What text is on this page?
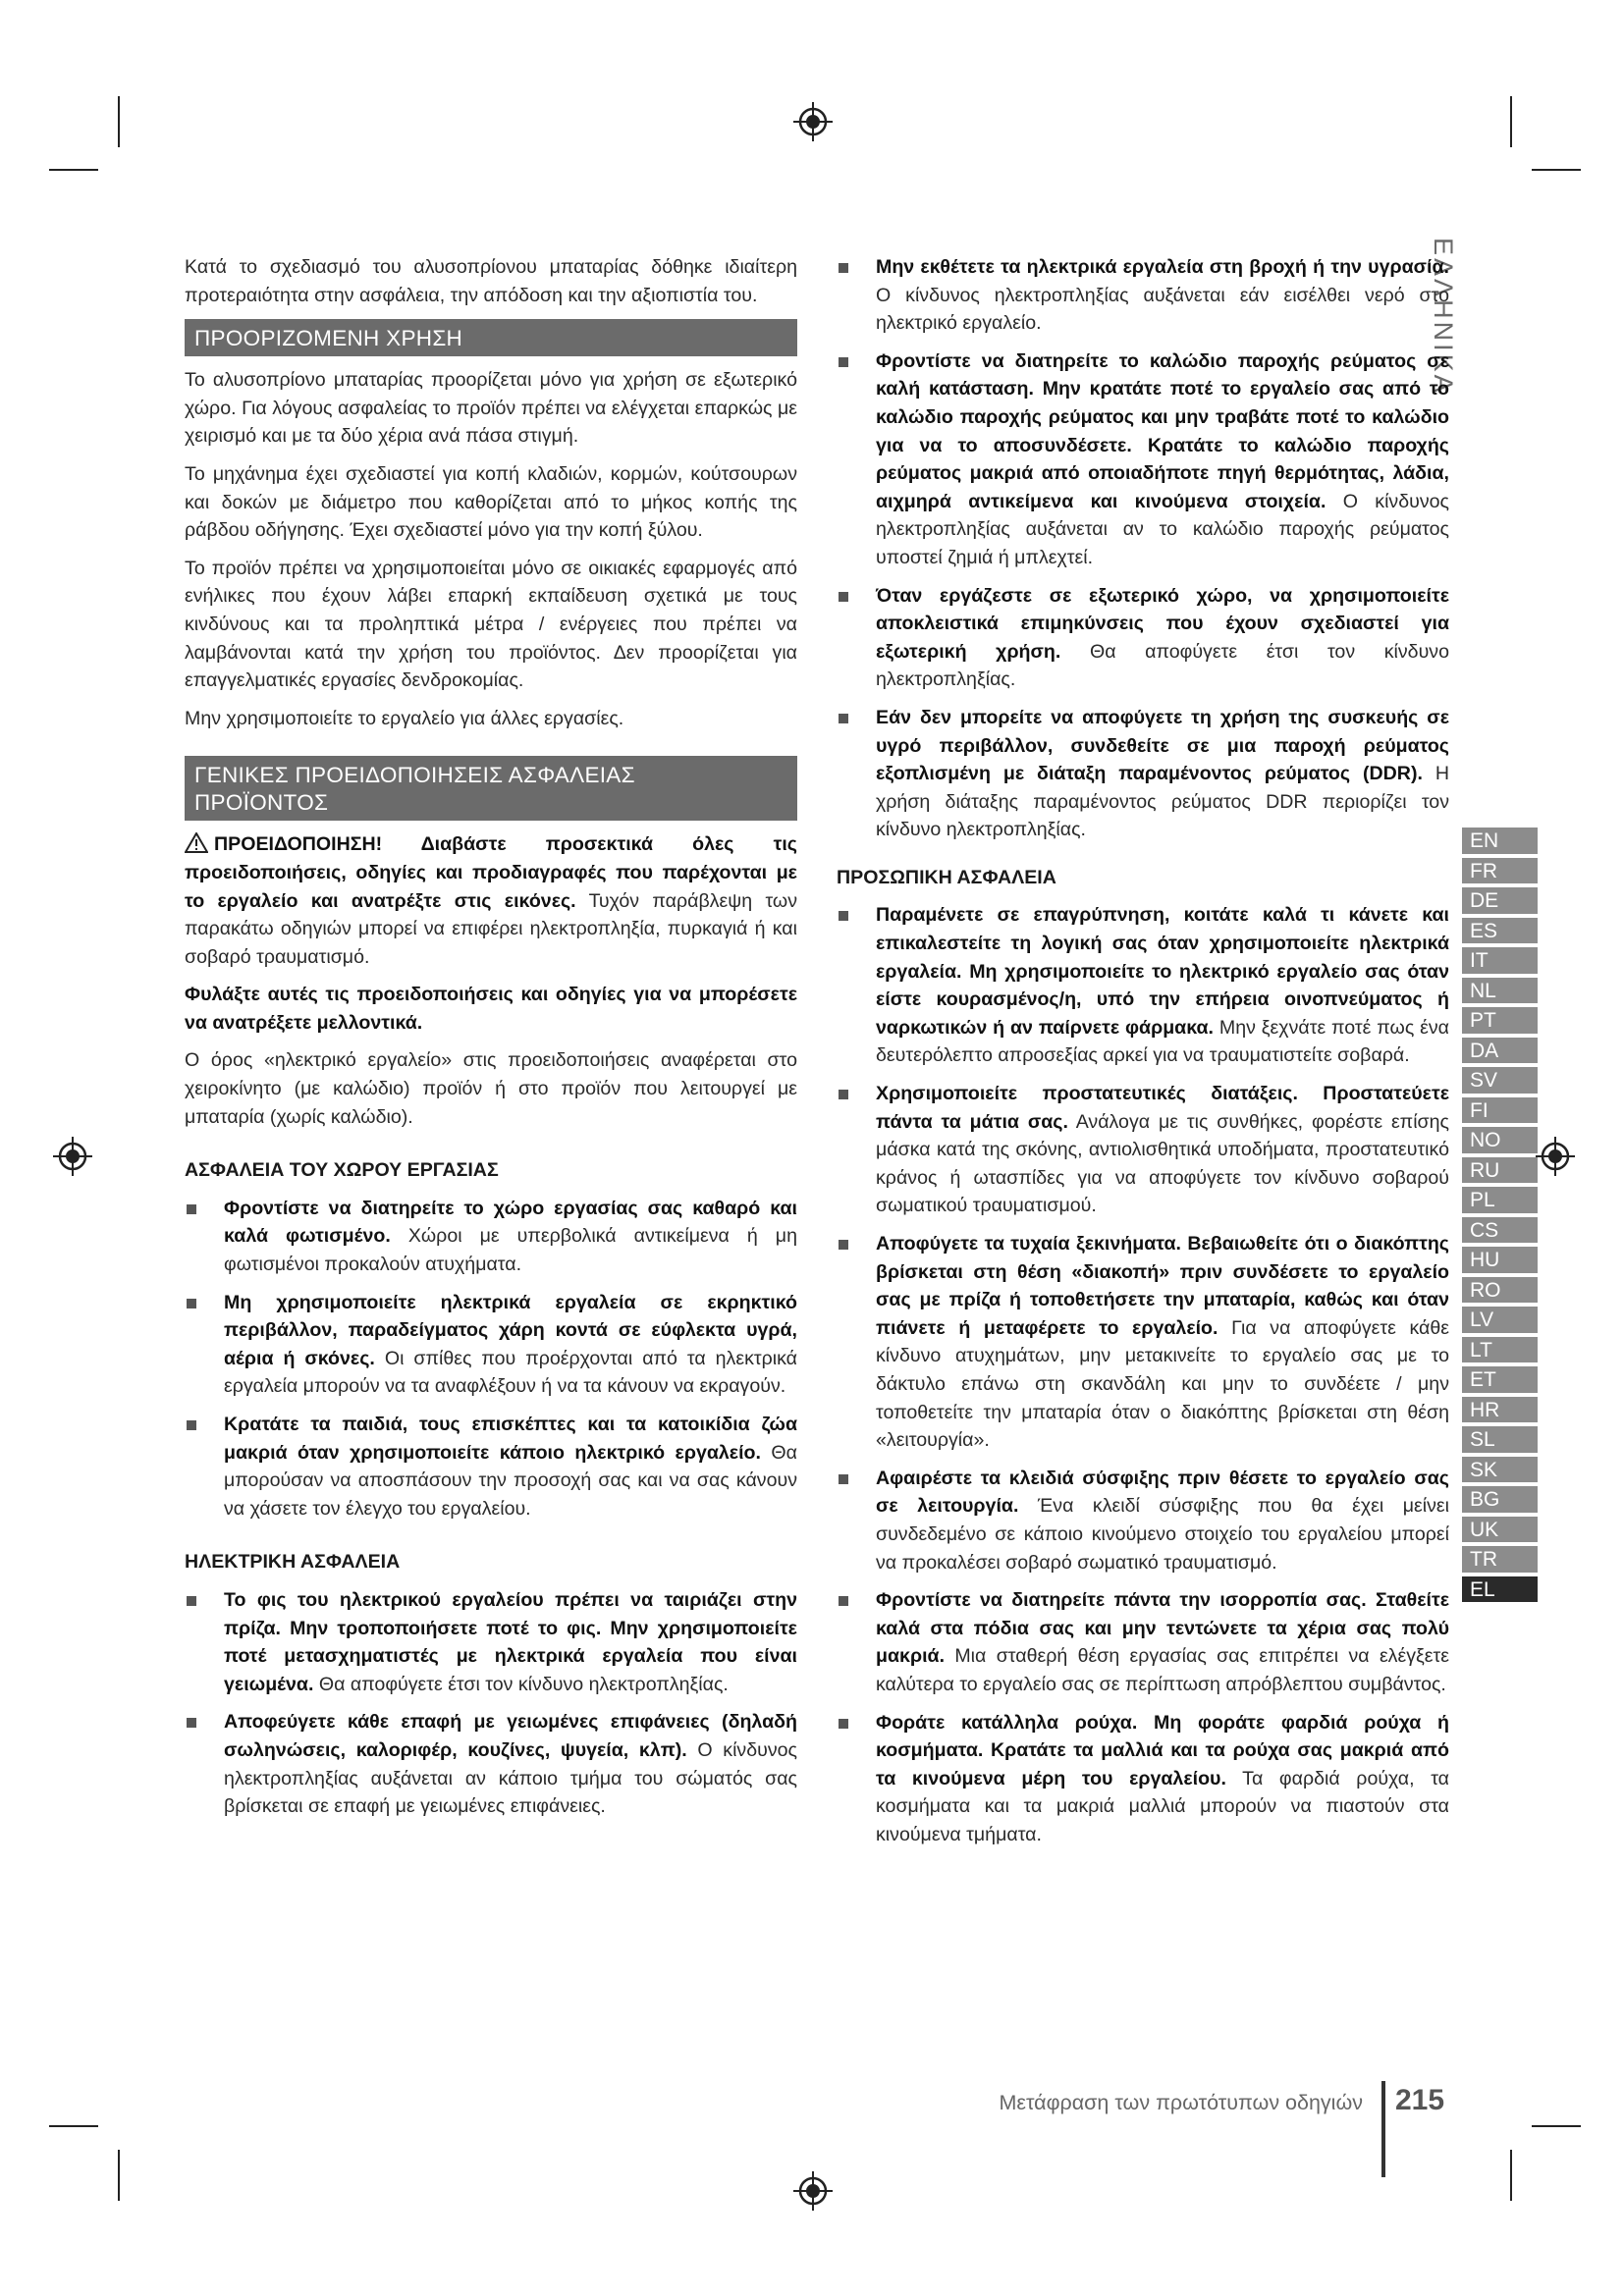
ΕΛΛΗΝΙΚΑ
EN
FR
DE
ES
IT
NL
PT
DA
SV
FI
NO
RU
PL
CS
HU
RO
LV
LT
ET
HR
SL
SK
BG
UK
TR
EL

Κατά το σχεδιασμό του αλυσοπρίονου μπαταρίας δόθηκε ιδιαίτερη προτεραιότητα στην ασφάλεια, την απόδοση και την αξιοπιστία του.

ΠΡΟΟΡΙΖΟΜΕΝΗ ΧΡΗΣΗ

Το αλυσοπρίονο μπαταρίας προορίζεται μόνο για χρήση σε εξωτερικό χώρο. Για λόγους ασφαλείας το προϊόν πρέπει να ελέγχεται επαρκώς με χειρισμό και με τα δύο χέρια ανά πάσα στιγμή.

Το μηχάνημα έχει σχεδιαστεί για κοπή κλαδιών, κορμών, κούτσουρων και δοκών με διάμετρο που καθορίζεται από το μήκος κοπής της ράβδου οδήγησης. Έχει σχεδιαστεί μόνο για την κοπή ξύλου.

Το προϊόν πρέπει να χρησιμοποιείται μόνο σε οικιακές εφαρμογές από ενήλικες που έχουν λάβει επαρκή εκπαίδευση σχετικά με τους κινδύνους και τα προληπτικά μέτρα / ενέργειες που πρέπει να λαμβάνονται κατά την χρήση του προϊόντος. Δεν προορίζεται για επαγγελματικές εργασίες δενδροκομίας.

Μην χρησιμοποιείτε το εργαλείο για άλλες εργασίες.

ΓΕΝΙΚΕΣ ΠΡΟΕΙΔΟΠΟΙΗΣΕΙΣ ΑΣΦΑΛΕΙΑΣ
ΠΡΟΪΟΝΤΟΣ

ΠΡΟΕΙΔΟΠΟΙΗΣΗ! Διαβάστε προσεκτικά όλες τις προειδοποιήσεις, οδηγίες και προδιαγραφές που παρέχονται με το εργαλείο και ανατρέξτε στις εικόνες. Τυχόν παράβλεψη των παρακάτω οδηγιών μπορεί να επιφέρει ηλεκτροπληξία, πυρκαγιά ή και σοβαρό τραυματισμό.

Φυλάξτε αυτές τις προειδοποιήσεις και οδηγίες για να μπορέσετε να ανατρέξετε μελλοντικά.

Ο όρος «ηλεκτρικό εργαλείο» στις προειδοποιήσεις αναφέρεται στο χειροκίνητο (με καλώδιο) προϊόν ή στο προϊόν που λειτουργεί με μπαταρία (χωρίς καλώδιο).

ΑΣΦΑΛΕΙΑ ΤΟΥ ΧΩΡΟΥ ΕΡΓΑΣΙΑΣ
Φροντίστε να διατηρείτε το χώρο εργασίας σας καθαρό και καλά φωτισμένο. Χώροι με υπερβολικά αντικείμενα ή μη φωτισμένοι προκαλούν ατυχήματα.
Μη χρησιμοποιείτε ηλεκτρικά εργαλεία σε εκρηκτικό περιβάλλον, παραδείγματος χάρη κοντά σε εύφλεκτα υγρά, αέρια ή σκόνες. Οι σπίθες που προέρχονται από τα ηλεκτρικά εργαλεία μπορούν να τα αναφλέξουν ή να τα κάνουν να εκραγούν.
Κρατάτε τα παιδιά, τους επισκέπτες και τα κατοικίδια ζώα μακριά όταν χρησιμοποιείτε κάποιο ηλεκτρικό εργαλείο. Θα μπορούσαν να αποσπάσουν την προσοχή σας και να σας κάνουν να χάσετε τον έλεγχο του εργαλείου.
ΗΛΕΚΤΡΙΚΗ ΑΣΦΑΛΕΙΑ
Το φις του ηλεκτρικού εργαλείου πρέπει να ταιριάζει στην πρίζα. Μην τροποποιήσετε ποτέ το φις. Μην χρησιμοποιείτε ποτέ μετασχηματιστές με ηλεκτρικά εργαλεία που είναι γειωμένα. Θα αποφύγετε έτσι τον κίνδυνο ηλεκτροπληξίας.
Αποφεύγετε κάθε επαφή με γειωμένες επιφάνειες (δηλαδή σωληνώσεις, καλοριφέρ, κουζίνες, ψυγεία, κλπ). Ο κίνδυνος ηλεκτροπληξίας αυξάνεται αν κάποιο τμήμα του σώματός σας βρίσκεται σε επαφή με γειωμένες επιφάνειες.
Μην εκθέτετε τα ηλεκτρικά εργαλεία στη βροχή ή την υγρασία. Ο κίνδυνος ηλεκτροπληξίας αυξάνεται εάν εισέλθει νερό στο ηλεκτρικό εργαλείο.
Φροντίστε να διατηρείτε το καλώδιο παροχής ρεύματος σε καλή κατάσταση. Μην κρατάτε ποτέ το εργαλείο σας από το καλώδιο παροχής ρεύματος και μην τραβάτε ποτέ το καλώδιο για να το αποσυνδέσετε. Κρατάτε το καλώδιο παροχής ρεύματος μακριά από οποιαδήποτε πηγή θερμότητας, λάδια, αιχμηρά αντικείμενα και κινούμενα στοιχεία. Ο κίνδυνος ηλεκτροπληξίας αυξάνεται αν το καλώδιο παροχής ρεύματος υποστεί ζημιά ή μπλεχτεί.
Όταν εργάζεστε σε εξωτερικό χώρο, να χρησιμοποιείτε αποκλειστικά επιμηκύνσεις που έχουν σχεδιαστεί για εξωτερική χρήση. Θα αποφύγετε έτσι τον κίνδυνο ηλεκτροπληξίας.
Εάν δεν μπορείτε να αποφύγετε τη χρήση της συσκευής σε υγρό περιβάλλον, συνδεθείτε σε μια παροχή ρεύματος εξοπλισμένη με διάταξη παραμένοντος ρεύματος (DDR). Η χρήση διάταξης παραμένοντος ρεύματος DDR περιορίζει τον κίνδυνο ηλεκτροπληξίας.
ΠΡΟΣΩΠΙΚΗ ΑΣΦΑΛΕΙΑ
Παραμένετε σε επαγρύπνηση, κοιτάτε καλά τι κάνετε και επικαλεστείτε τη λογική σας όταν χρησιμοποιείτε ηλεκτρικά εργαλεία. Μη χρησιμοποιείτε το ηλεκτρικό εργαλείο σας όταν είστε κουρασμένος/η, υπό την επήρεια οινοπνεύματος ή ναρκωτικών ή αν παίρνετε φάρμακα. Μην ξεχνάτε ποτέ πως ένα δευτερόλεπτο απροσεξίας αρκεί για να τραυματιστείτε σοβαρά.
Χρησιμοποιείτε προστατευτικές διατάξεις. Προστατεύετε πάντα τα μάτια σας. Ανάλογα με τις συνθήκες, φορέστε επίσης μάσκα κατά της σκόνης, αντιολισθητικά υποδήματα, προστατευτικό κράνος ή ωτασπίδες για να αποφύγετε τον κίνδυνο σοβαρού σωματικού τραυματισμού.
Αποφύγετε τα τυχαία ξεκινήματα. Βεβαιωθείτε ότι ο διακόπτης βρίσκεται στη θέση «διακοπή» πριν συνδέσετε το εργαλείο σας με πρίζα ή τοποθετήσετε την μπαταρία, καθώς και όταν πιάνετε ή μεταφέρετε το εργαλείο. Για να αποφύγετε κάθε κίνδυνο ατυχημάτων, μην μετακινείτε το εργαλείο σας με το δάκτυλο επάνω στη σκανδάλη και μην το συνδέετε / μην τοποθετείτε την μπαταρία όταν ο διακόπτης βρίσκεται στη θέση «λειτουργία».
Αφαιρέστε τα κλειδιά σύσφιξης πριν θέσετε το εργαλείο σας σε λειτουργία. Ένα κλειδί σύσφιξης που θα έχει μείνει συνδεδεμένο σε κάποιο κινούμενο στοιχείο του εργαλείου μπορεί να προκαλέσει σοβαρό σωματικό τραυματισμό.
Φροντίστε να διατηρείτε πάντα την ισορροπία σας. Σταθείτε καλά στα πόδια σας και μην τεντώνετε τα χέρια σας πολύ μακριά. Μια σταθερή θέση εργασίας σας επιτρέπει να ελέγξετε καλύτερα το εργαλείο σας σε περίπτωση απρόβλεπτου συμβάντος.
Φοράτε κατάλληλα ρούχα. Μη φοράτε φαρδιά ρούχα ή κοσμήματα. Κρατάτε τα μαλλιά και τα ρούχα σας μακριά από τα κινούμενα μέρη του εργαλείου. Τα φαρδιά ρούχα, τα κοσμήματα και τα μακριά μαλλιά μπορούν να πιαστούν στα κινούμενα τμήματα.
Μετάφραση των πρωτότυπων οδηγιών 215
